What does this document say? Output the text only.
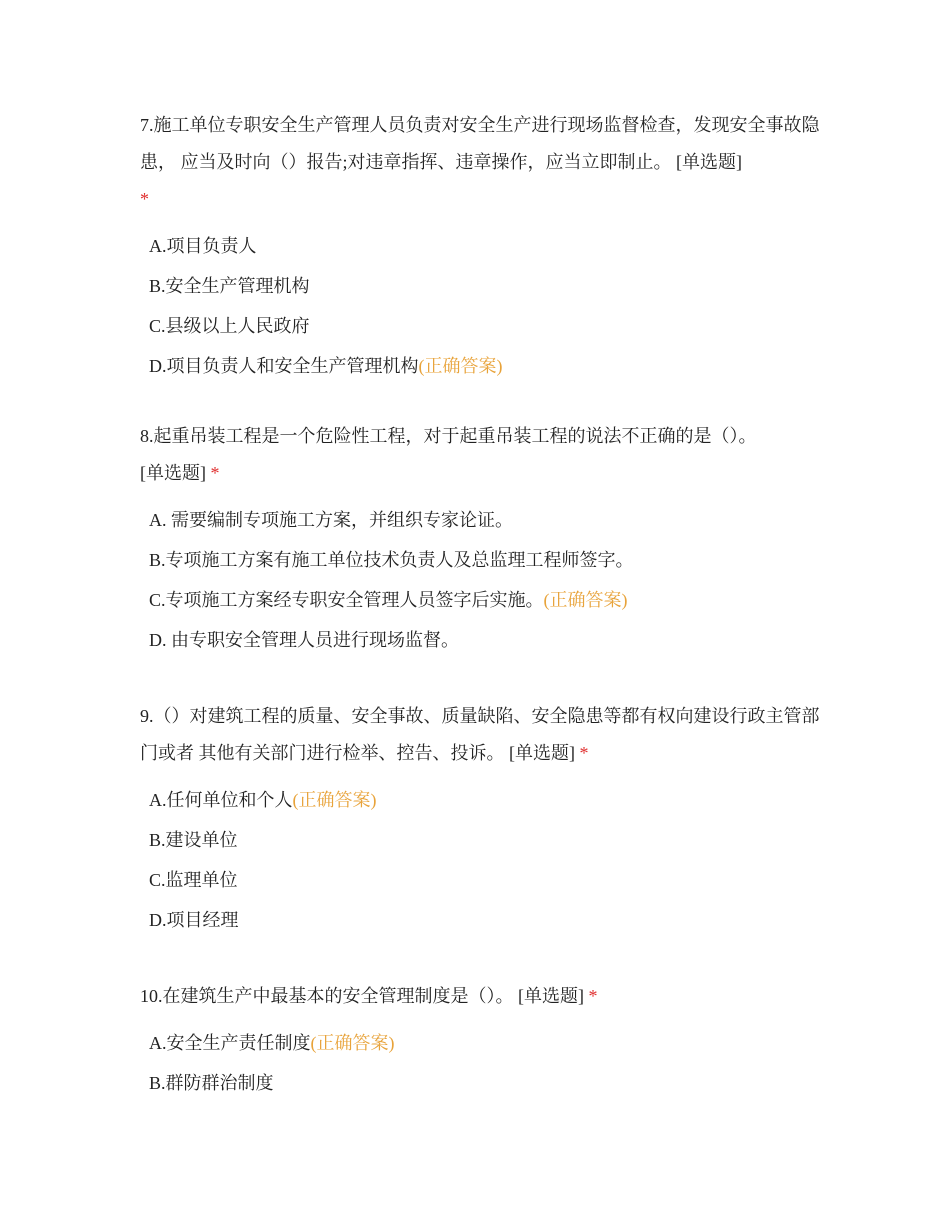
7.施工单位专职安全生产管理人员负责对安全生产进行现场监督检查，发现安全事故隐患， 应当及时向（）报告;对违章指挥、违章操作，应当立即制止。 [单选题]
*

A.项目负责人
B.安全生产管理机构
C.县级以上人民政府
D.项目负责人和安全生产管理机构(正确答案)

8.起重吊装工程是一个危险性工程，对于起重吊装工程的说法不正确的是（）。
[单选题] *

A. 需要编制专项施工方案，并组织专家论证。
B.专项施工方案有施工单位技术负责人及总监理工程师签字。
C.专项施工方案经专职安全管理人员签字后实施。(正确答案)
D. 由专职安全管理人员进行现场监督。

9.（）对建筑工程的质量、安全事故、质量缺陷、安全隐患等都有权向建设行政主管部门或者 其他有关部门进行检举、控告、投诉。 [单选题] *

A.任何单位和个人(正确答案)
B.建设单位
C.监理单位
D.项目经理

10.在建筑生产中最基本的安全管理制度是（）。 [单选题] *

A.安全生产责任制度(正确答案)
B.群防群治制度
